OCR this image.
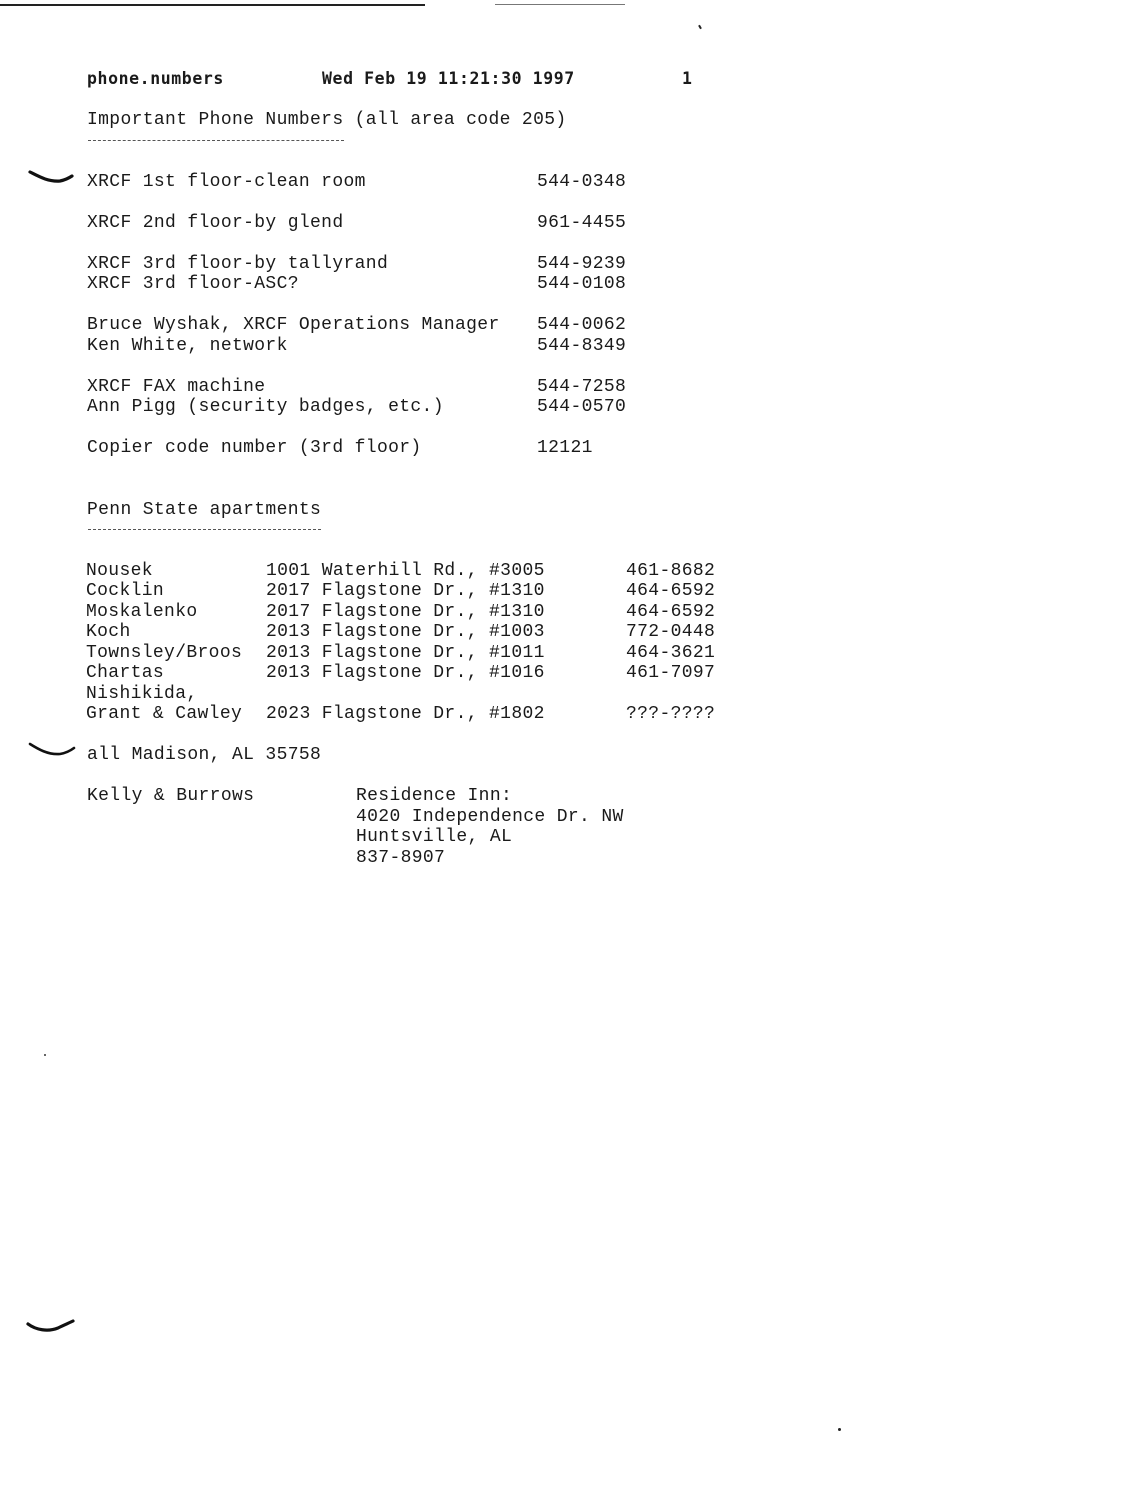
phone.numbers	Wed Feb 19 11:21:30 1997	1
Important Phone Numbers (all area code 205)
XRCF 1st floor-clean room	544-0348
XRCF 2nd floor-by glend	961-4455
XRCF 3rd floor-by tallyrand	544-9239
XRCF 3rd floor-ASC?	544-0108
Bruce Wyshak, XRCF Operations Manager 544-0062
Ken White, network	544-8349
XRCF FAX machine	544-7258
Ann Pigg (security badges, etc.)	544-0570
Copier code number (3rd floor)	12121
Penn State apartments
Nousek	1001 Waterhill Rd., #3005	461-8682
Cocklin	2017 Flagstone Dr., #1310	464-6592
Moskalenko	2017 Flagstone Dr., #1310	464-6592
Koch	2013 Flagstone Dr., #1003	772-0448
Townsley/Broos 2013 Flagstone Dr., #1011	464-3621
Chartas	2013 Flagstone Dr., #1016	461-7097
Nishikida,
Grant & Cawley 2023 Flagstone Dr., #1802	???-????
all Madison, AL 35758
Kelly & Burrows	Residence Inn:
4020 Independence Dr. NW
Huntsville, AL
837-8907
